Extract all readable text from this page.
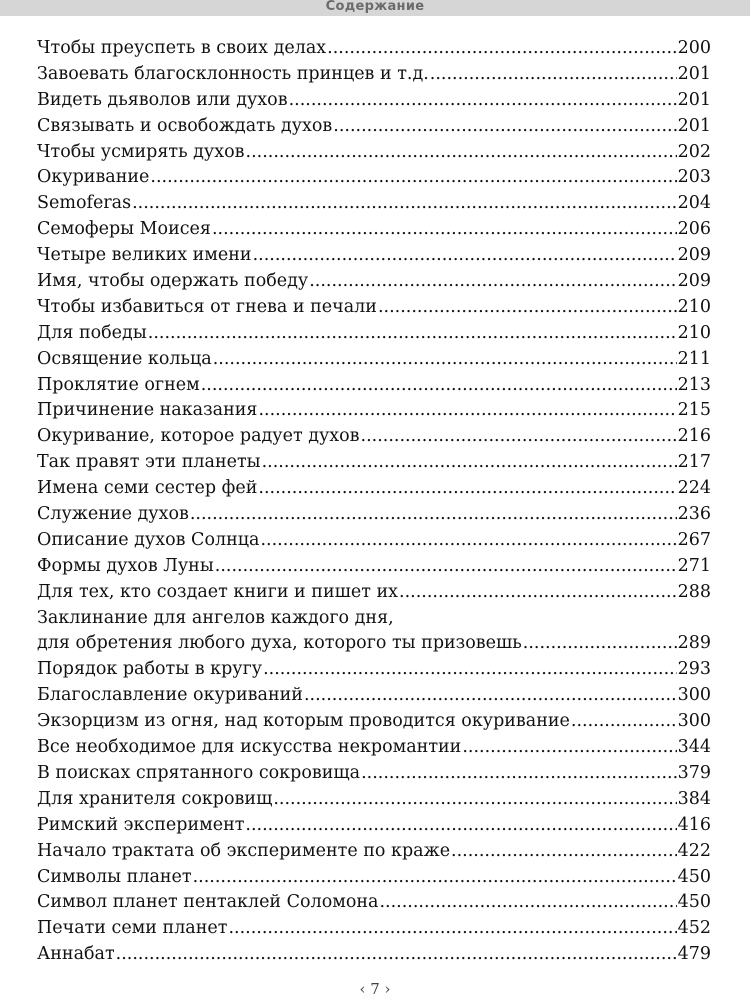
Содержание
Чтобы преуспеть в своих делах .....	200
Завоевать благосклонность принцев и т.д. .....	201
Видеть дьяволов или духов .....	201
Связывать и освобождать духов .....	201
Чтобы усмирять духов .....	202
Окуривание .....	203
Semoferas .....	204
Семоферы Моисея .....	206
Четыре великих имени .....	209
Имя, чтобы одержать победу .....	209
Чтобы избавиться от гнева и печали .....	210
Для победы .....	210
Освящение кольца .....	211
Проклятие огнем .....	213
Причинение наказания .....	215
Окуривание, которое радует духов .....	216
Так правят эти планеты .....	217
Имена семи сестер фей .....	224
Служение духов .....	236
Описание духов Солнца .....	267
Формы духов Луны .....	271
Для тех, кто создает книги и пишет их .....	288
Заклинание для ангелов каждого дня,
для обретения любого духа, которого ты призовешь .....	289
Порядок работы в кругу .....	293
Благославление окуриваний .....	300
Экзорцизм из огня, над которым проводится окуривание .....	300
Все необходимое для искусства некромантии .....	344
В поисках спрятанного сокровища .....	379
Для хранителя сокровищ .....	384
Римский эксперимент .....	416
Начало трактата об эксперименте по краже .....	422
Символы планет .....	450
Символ планет пентаклей Соломона .....	450
Печати семи планет .....	452
Аннабат .....	479
‹ 7 ›
